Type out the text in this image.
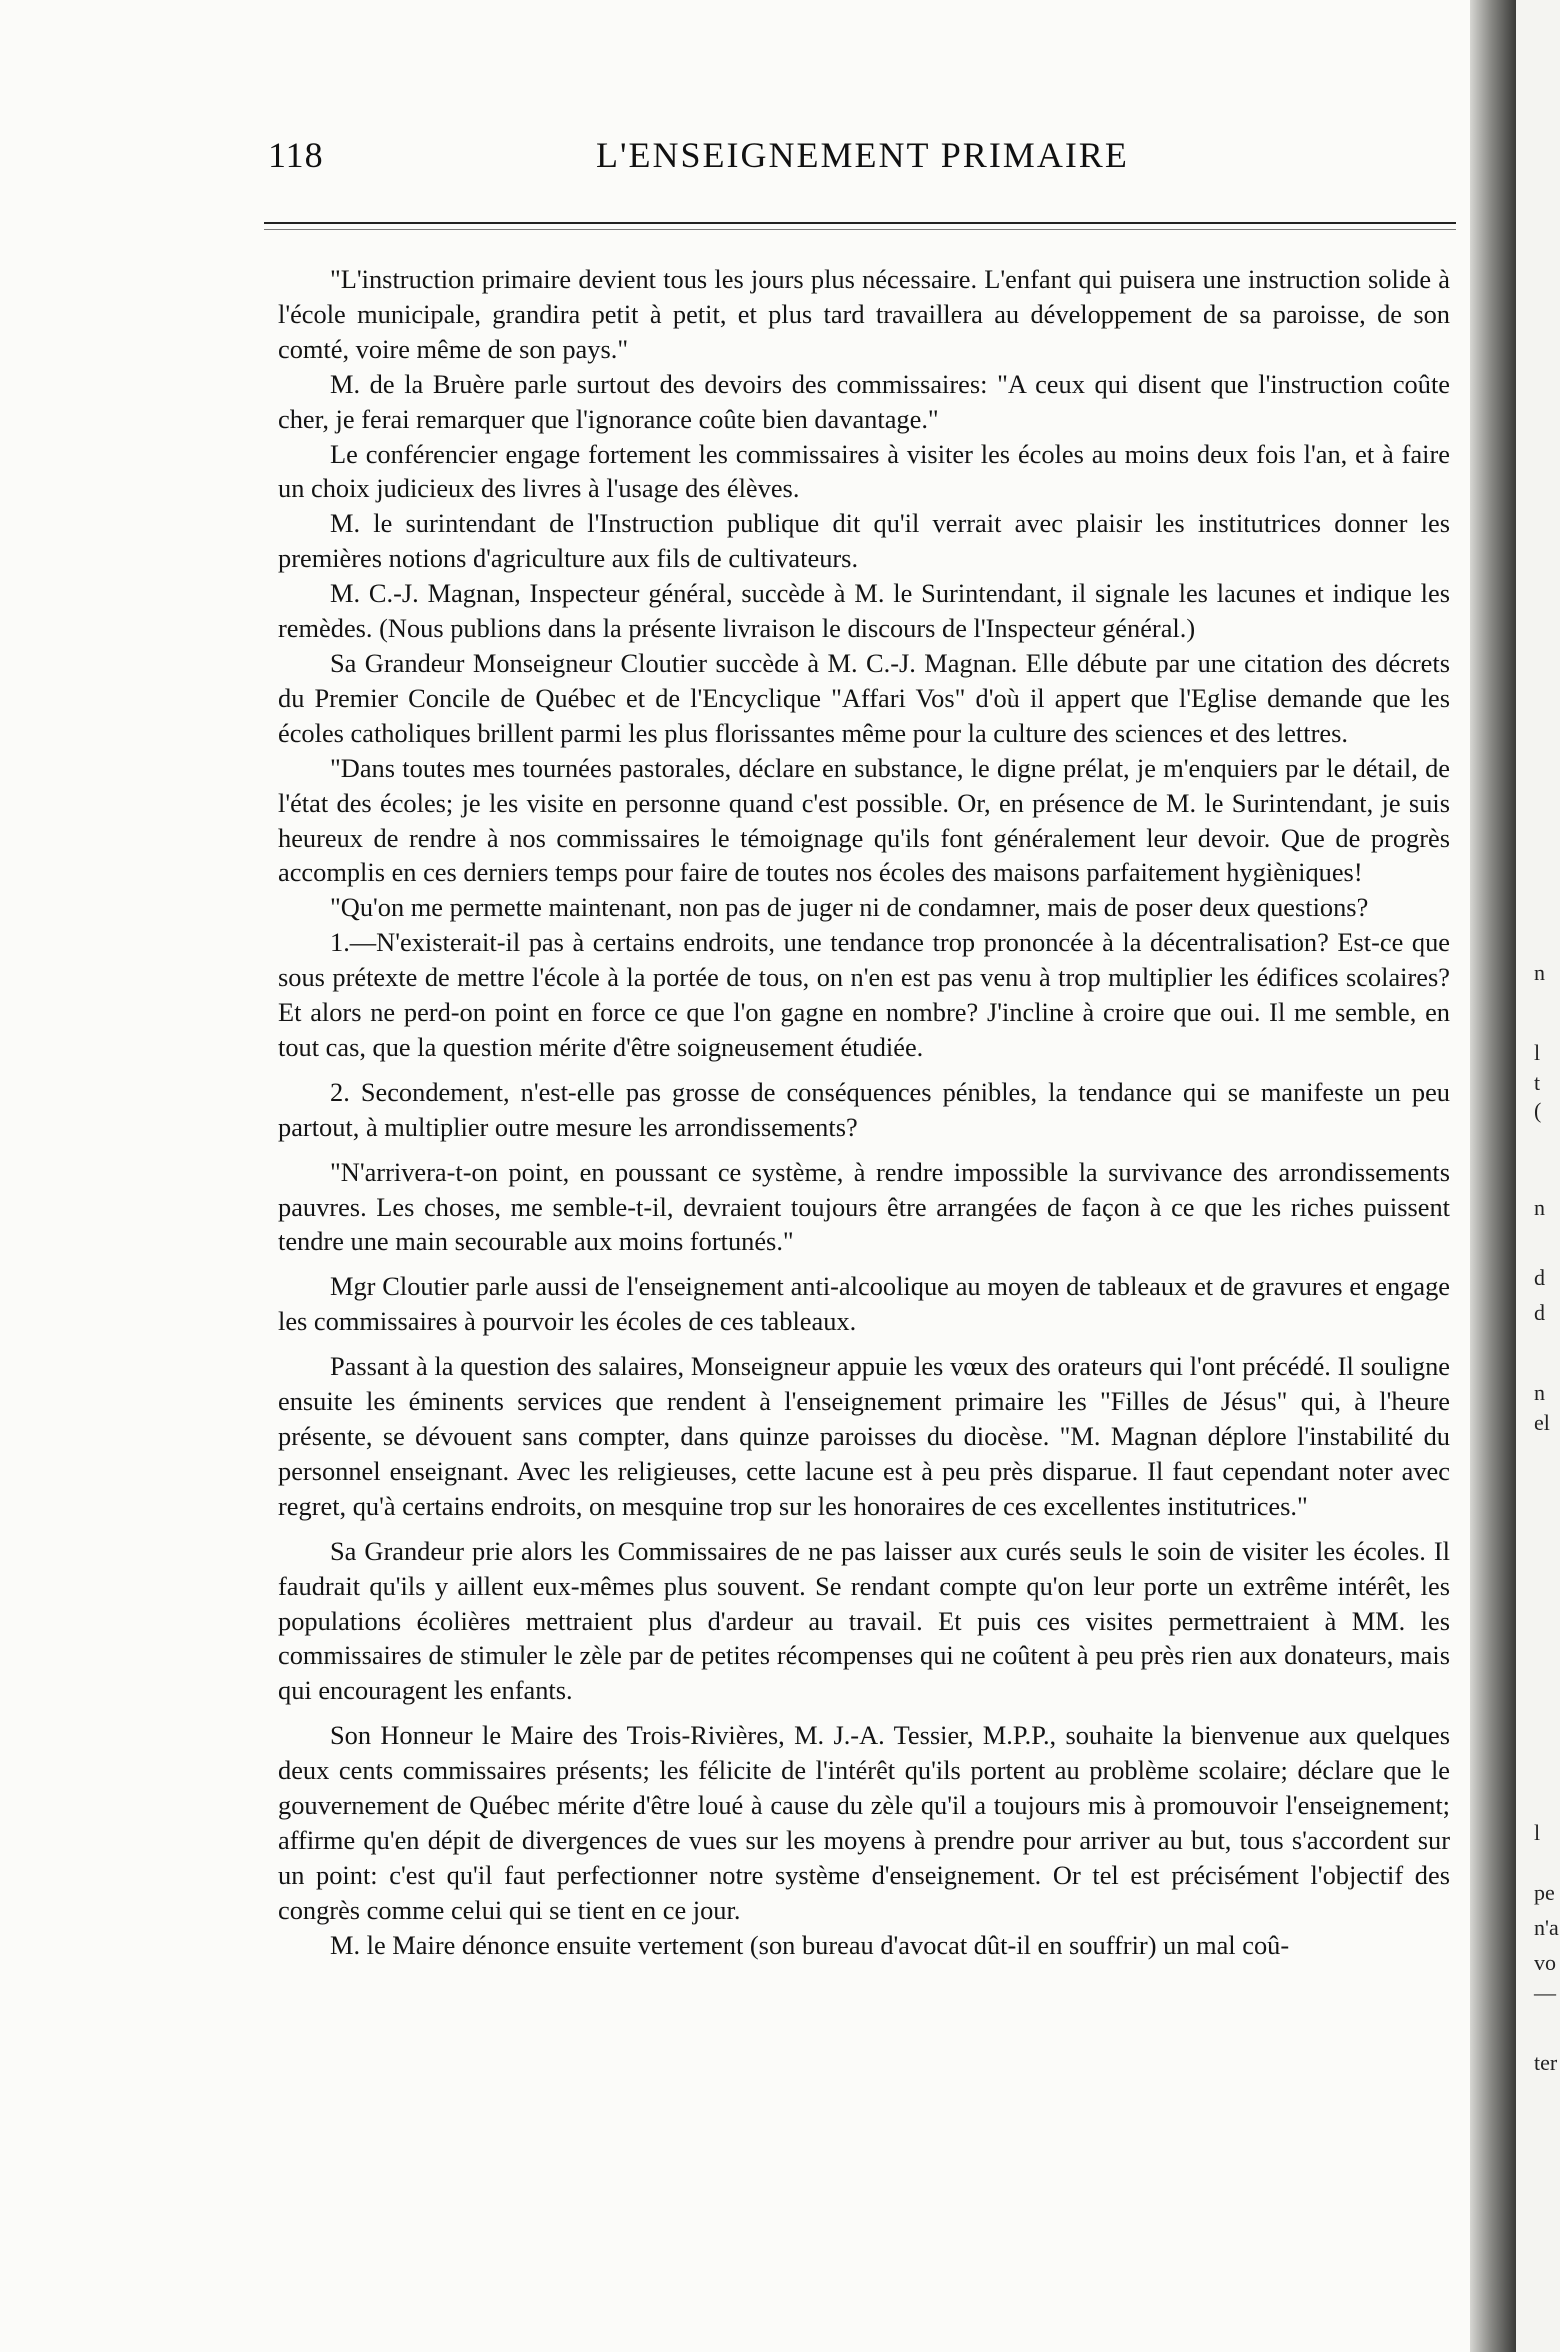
118	L'ENSEIGNEMENT PRIMAIRE

"L'instruction primaire devient tous les jours plus nécessaire. L'enfant qui puisera une instruction solide à l'école municipale, grandira petit à petit, et plus tard travaillera au développement de sa paroisse, de son comté, voire même de son pays."

M. de la Bruère parle surtout des devoirs des commissaires: "A ceux qui disent que l'instruction coûte cher, je ferai remarquer que l'ignorance coûte bien davantage."

Le conférencier engage fortement les commissaires à visiter les écoles au moins deux fois l'an, et à faire un choix judicieux des livres à l'usage des élèves.

M. le surintendant de l'Instruction publique dit qu'il verrait avec plaisir les institutrices donner les premières notions d'agriculture aux fils de cultivateurs.

M. C.-J. Magnan, Inspecteur général, succède à M. le Surintendant, il signale les lacunes et indique les remèdes. (Nous publions dans la présente livraison le discours de l'Inspecteur général.)

Sa Grandeur Monseigneur Cloutier succède à M. C.-J. Magnan. Elle débute par une citation des décrets du Premier Concile de Québec et de l'Encyclique "Affari Vos" d'où il appert que l'Eglise demande que les écoles catholiques brillent parmi les plus florissantes même pour la culture des sciences et des lettres.

"Dans toutes mes tournées pastorales, déclare en substance, le digne prélat, je m'enquiers par le détail, de l'état des écoles; je les visite en personne quand c'est possible. Or, en présence de M. le Surintendant, je suis heureux de rendre à nos commissaires le témoignage qu'ils font généralement leur devoir. Que de progrès accomplis en ces derniers temps pour faire de toutes nos écoles des maisons parfaitement hygièniques!

"Qu'on me permette maintenant, non pas de juger ni de condamner, mais de poser deux questions?

1.—N'existerait-il pas à certains endroits, une tendance trop prononcée à la décentralisation? Est-ce que sous prétexte de mettre l'école à la portée de tous, on n'en est pas venu à trop multiplier les édifices scolaires? Et alors ne perd-on point en force ce que l'on gagne en nombre? J'incline à croire que oui. Il me semble, en tout cas, que la question mérite d'être soigneusement étudiée.

2. Secondement, n'est-elle pas grosse de conséquences pénibles, la tendance qui se manifeste un peu partout, à multiplier outre mesure les arrondissements?

"N'arrivera-t-on point, en poussant ce système, à rendre impossible la survivance des arrondissements pauvres. Les choses, me semble-t-il, devraient toujours être arrangées de façon à ce que les riches puissent tendre une main secourable aux moins fortunés."

Mgr Cloutier parle aussi de l'enseignement anti-alcoolique au moyen de tableaux et de gravures et engage les commissaires à pourvoir les écoles de ces tableaux.

Passant à la question des salaires, Monseigneur appuie les vœux des orateurs qui l'ont précédé. Il souligne ensuite les éminents services que rendent à l'enseignement primaire les "Filles de Jésus" qui, à l'heure présente, se dévouent sans compter, dans quinze paroisses du diocèse. "M. Magnan déplore l'instabilité du personnel enseignant. Avec les religieuses, cette lacune est à peu près disparue. Il faut cependant noter avec regret, qu'à certains endroits, on mesquine trop sur les honoraires de ces excellentes institutrices."

Sa Grandeur prie alors les Commissaires de ne pas laisser aux curés seuls le soin de visiter les écoles. Il faudrait qu'ils y aillent eux-mêmes plus souvent. Se rendant compte qu'on leur porte un extrême intérêt, les populations écolières mettraient plus d'ardeur au travail. Et puis ces visites permettraient à MM. les commissaires de stimuler le zèle par de petites récompenses qui ne coûtent à peu près rien aux donateurs, mais qui encouragent les enfants.

Son Honneur le Maire des Trois-Rivières, M. J.-A. Tessier, M.P.P., souhaite la bienvenue aux quelques deux cents commissaires présents; les félicite de l'intérêt qu'ils portent au problème scolaire; déclare que le gouvernement de Québec mérite d'être loué à cause du zèle qu'il a toujours mis à promouvoir l'enseignement; affirme qu'en dépit de divergences de vues sur les moyens à prendre pour arriver au but, tous s'accordent sur un point: c'est qu'il faut perfectionner notre système d'enseignement. Or tel est précisément l'objectif des congrès comme celui qui se tient en ce jour.

M. le Maire dénonce ensuite vertement (son bureau d'avocat dût-il en souffrir) un mal coû-

n
l
t
(
n
d
d
n
el
l
pe
n'a
vo
—
ter
